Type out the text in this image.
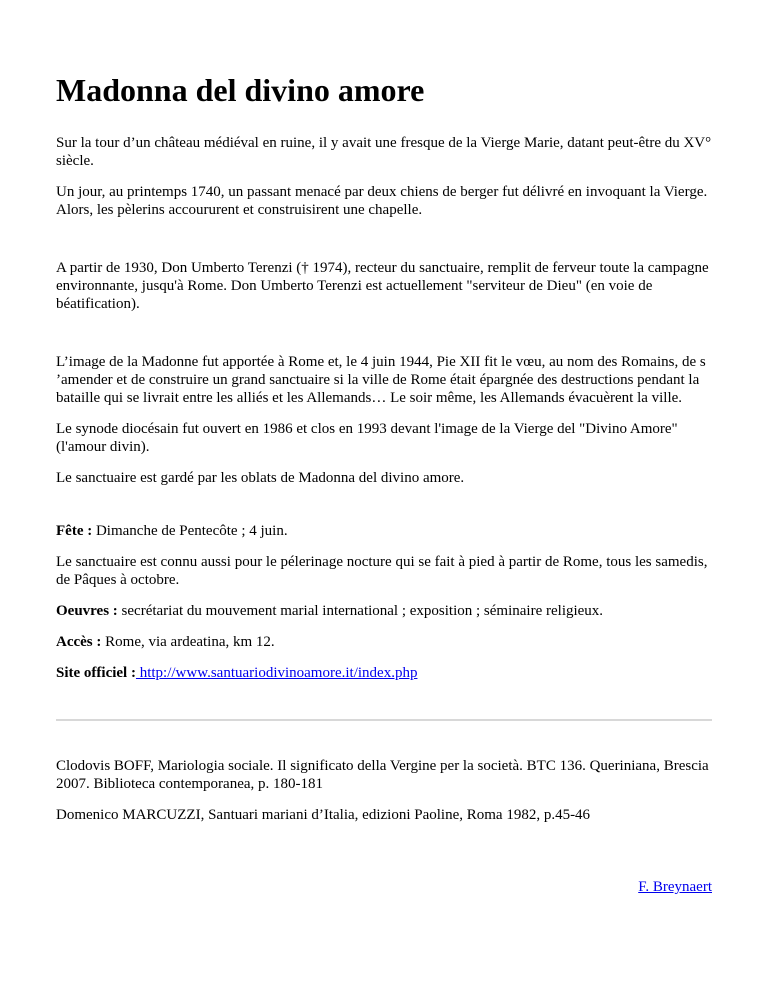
Madonna del divino amore

Sur la tour d’un château médiéval en ruine, il y avait une fresque de la Vierge Marie, datant peut-être du XV° siècle.

Un jour, au printemps 1740, un passant menacé par deux chiens de berger fut délivré en invoquant la Vierge. Alors, les pèlerins accoururent et construisirent une chapelle.

A partir de 1930, Don Umberto Terenzi († 1974), recteur du sanctuaire, remplit de ferveur toute la campagne environnante, jusqu'à Rome. Don Umberto Terenzi est actuellement "serviteur de Dieu" (en voie de béatification).

L’image de la Madonne fut apportée à Rome et, le 4 juin 1944, Pie XII fit le vœu, au nom des Romains, de s ’amender et de construire un grand sanctuaire si la ville de Rome était épargnée des destructions pendant la bataille qui se livrait entre les alliés et les Allemands… Le soir même, les Allemands évacuèrent la ville.

Le synode diocésain fut ouvert en 1986 et clos en 1993 devant l'image de la Vierge del "Divino Amore" (l'amour divin).

Le sanctuaire est gardé par les oblats de Madonna del divino amore.

Fête : Dimanche de Pentecôte ; 4 juin.

Le sanctuaire est connu aussi pour le pélerinage nocture qui se fait à pied à partir de Rome, tous les samedis, de Pâques à octobre.

Oeuvres : secrétariat du mouvement marial international ; exposition ; séminaire religieux.

Accès : Rome, via ardeatina, km 12.

Site officiel : http://www.santuariodivinoamore.it/index.php

Clodovis BOFF, Mariologia sociale. Il significato della Vergine per la società. BTC 136. Queriniana, Brescia 2007. Biblioteca contemporanea, p. 180-181

Domenico MARCUZZI, Santuari mariani d’Italia, edizioni Paoline, Roma 1982, p.45-46

F. Breynaert
